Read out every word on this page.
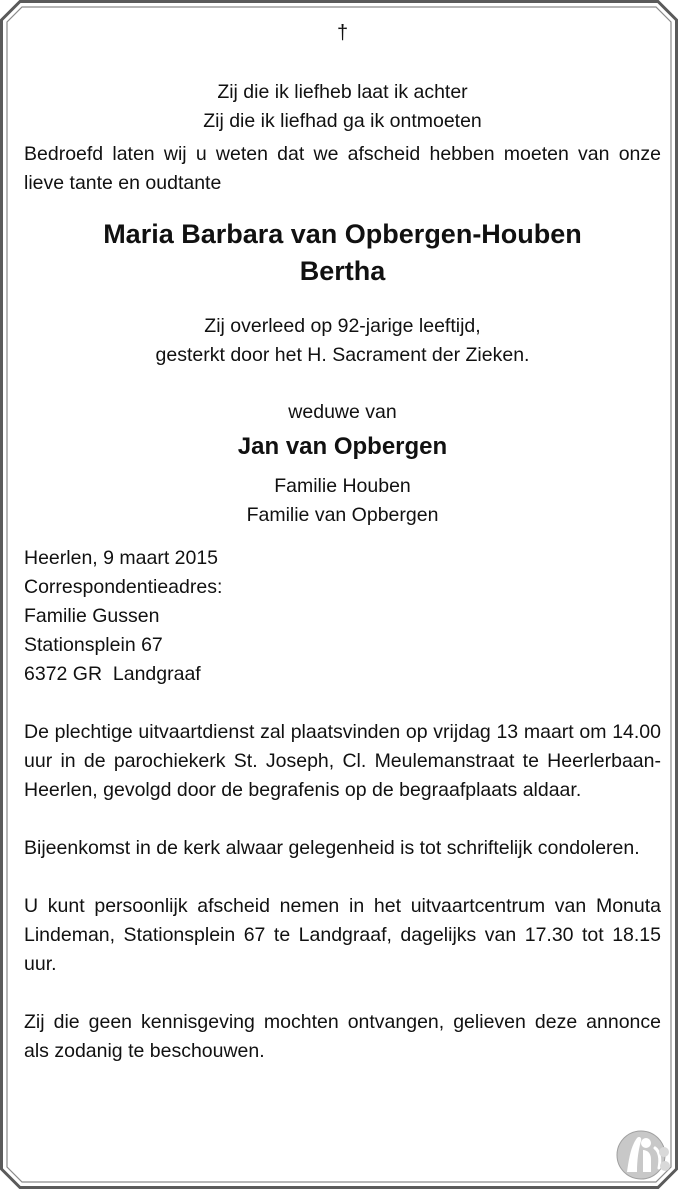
†
Zij die ik liefheb laat ik achter
Zij die ik liefhad ga ik ontmoeten
Bedroefd laten wij u weten dat we afscheid hebben moeten van onze lieve tante en oudtante
Maria Barbara van Opbergen-Houben
Bertha
Zij overleed op 92-jarige leeftijd,
gesterkt door het H. Sacrament der Zieken.
weduwe van
Jan van Opbergen
Familie Houben
Familie van Opbergen
Heerlen, 9 maart 2015
Correspondentieadres:
Familie Gussen
Stationsplein 67
6372 GR  Landgraaf
De plechtige uitvaartdienst zal plaatsvinden op vrijdag 13 maart om 14.00 uur in de parochiekerk St. Joseph, Cl. Meulemanstraat te Heerlerbaan-Heerlen, gevolgd door de begrafenis op de begraafplaats aldaar.
Bijeenkomst in de kerk alwaar gelegenheid is tot schriftelijk condoleren.
U kunt persoonlijk afscheid nemen in het uitvaartcentrum van Monuta Lindeman, Stationsplein 67 te Landgraaf, dagelijks van 17.30 tot 18.15 uur.
Zij die geen kennisgeving mochten ontvangen, gelieven deze annonce als zodanig te beschouwen.
